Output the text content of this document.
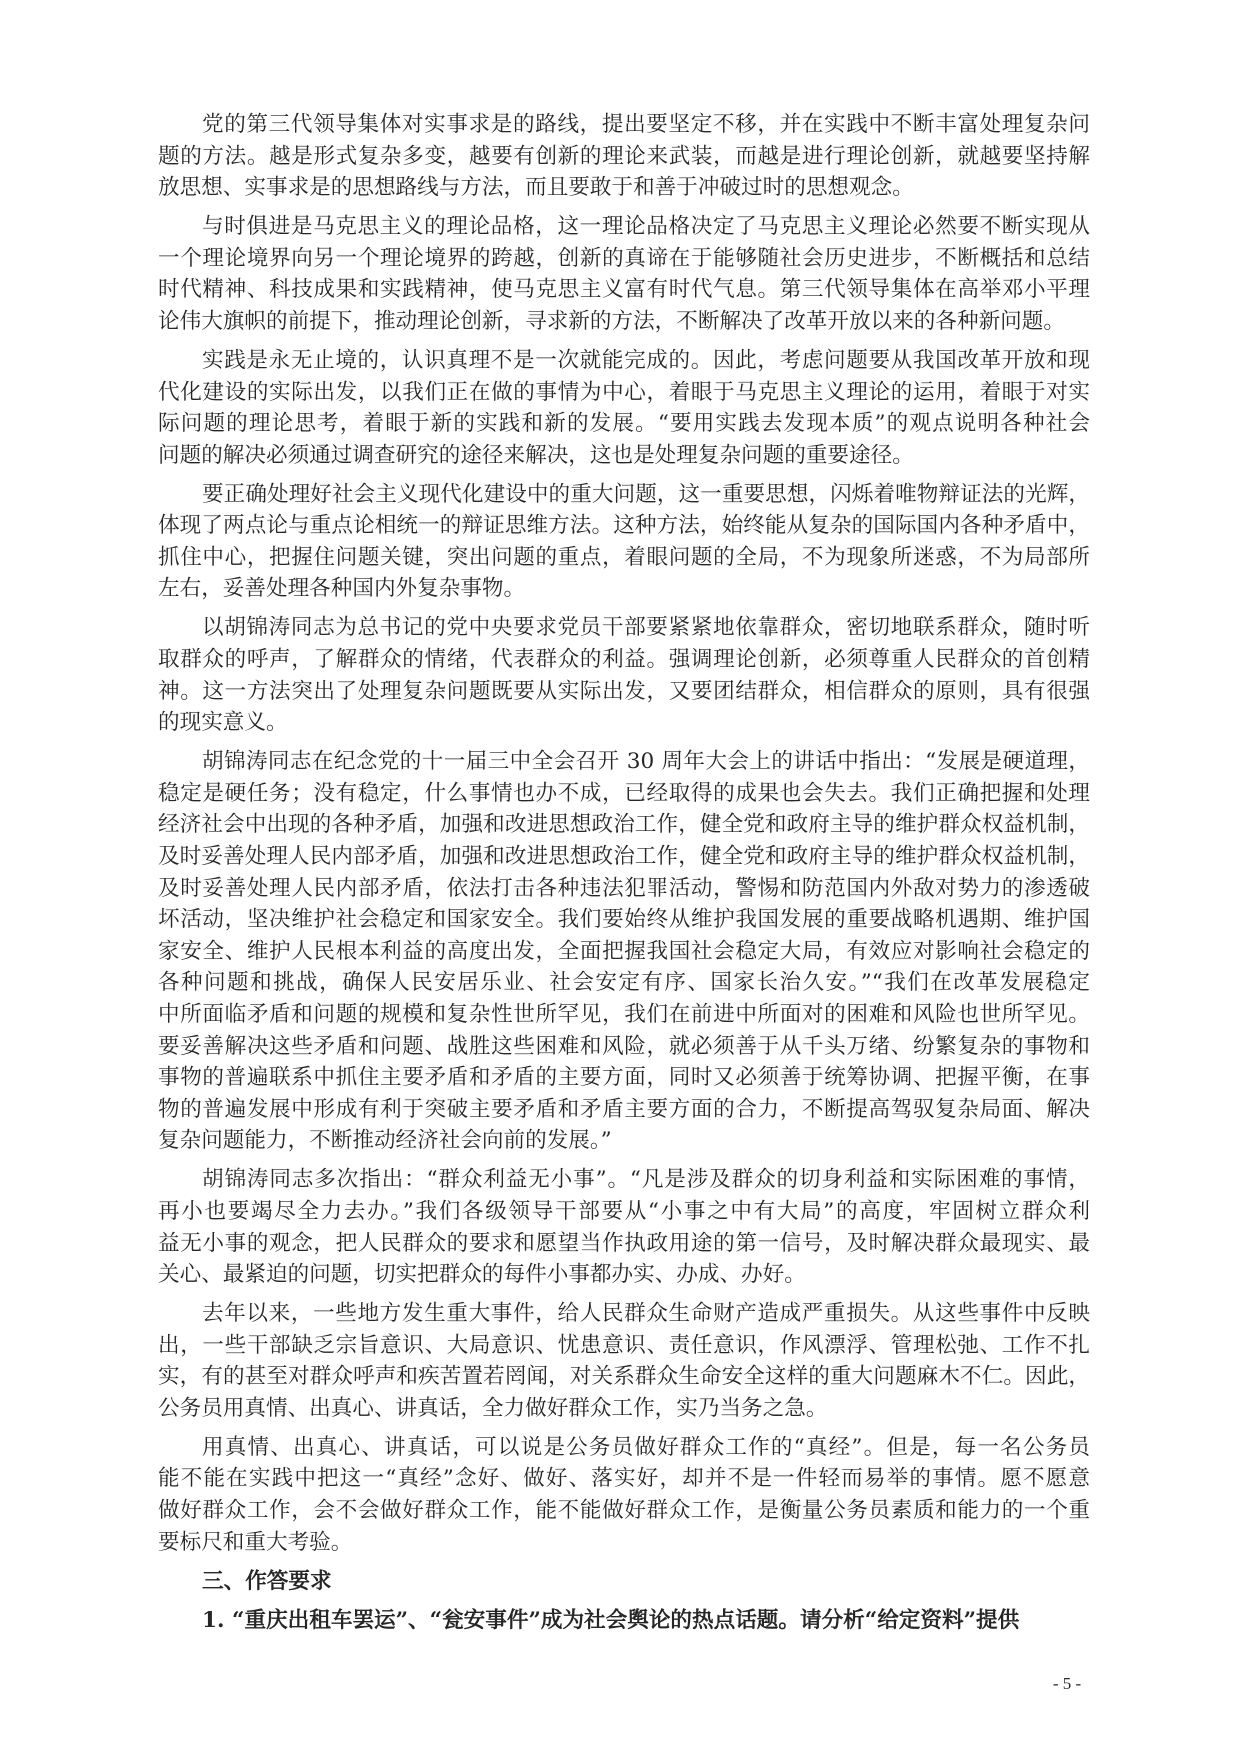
党的第三代领导集体对实事求是的路线，提出要坚定不移，并在实践中不断丰富处理复杂问
题的方法。越是形式复杂多变，越要有创新的理论来武装，而越是进行理论创新，就越要坚持解
放思想、实事求是的思想路线与方法，而且要敢于和善于冲破过时的思想观念。
与时俱进是马克思主义的理论品格，这一理论品格决定了马克思主义理论必然要不断实现从
一个理论境界向另一个理论境界的跨越，创新的真谛在于能够随社会历史进步，不断概括和总结
时代精神、科技成果和实践精神，使马克思主义富有时代气息。第三代领导集体在高举邓小平理
论伟大旗帜的前提下，推动理论创新，寻求新的方法，不断解决了改革开放以来的各种新问题。
实践是永无止境的，认识真理不是一次就能完成的。因此，考虑问题要从我国改革开放和现
代化建设的实际出发，以我们正在做的事情为中心，着眼于马克思主义理论的运用，着眼于对实
际问题的理论思考，着眼于新的实践和新的发展。“要用实践去发现本质”的观点说明各种社会
问题的解决必须通过调查研究的途径来解决，这也是处理复杂问题的重要途径。
要正确处理好社会主义现代化建设中的重大问题，这一重要思想，闪烁着唯物辩证法的光辉，
体现了两点论与重点论相统一的辩证思维方法。这种方法，始终能从复杂的国际国内各种矛盾中，
抓住中心，把握住问题关键，突出问题的重点，着眼问题的全局，不为现象所迷惑，不为局部所
左右，妥善处理各种国内外复杂事物。
以胡锦涛同志为总书记的党中央要求党员干部要紧紧地依靠群众，密切地联系群众，随时听
取群众的呼声，了解群众的情绪，代表群众的利益。强调理论创新，必须尊重人民群众的首创精
神。这一方法突出了处理复杂问题既要从实际出发，又要团结群众，相信群众的原则，具有很强
的现实意义。
胡锦涛同志在纪念党的十一届三中全会召开 30 周年大会上的讲话中指出：“发展是硬道理，
稳定是硬任务；没有稳定，什么事情也办不成，已经取得的成果也会失去。我们正确把握和处理
经济社会中出现的各种矛盾，加强和改进思想政治工作，健全党和政府主导的维护群众权益机制，
及时妥善处理人民内部矛盾，加强和改进思想政治工作，健全党和政府主导的维护群众权益机制，
及时妥善处理人民内部矛盾，依法打击各种违法犯罪活动，警惕和防范国内外敌对势力的渗透破
坏活动，坚决维护社会稳定和国家安全。我们要始终从维护我国发展的重要战略机遇期、维护国
家安全、维护人民根本利益的高度出发，全面把握我国社会稳定大局，有效应对影响社会稳定的
各种问题和挑战，确保人民安居乐业、社会安定有序、国家长治久安。”“我们在改革发展稳定
中所面临矛盾和问题的规模和复杂性世所罕见，我们在前进中所面对的困难和风险也世所罕见。
要妥善解决这些矛盾和问题、战胜这些困难和风险，就必须善于从千头万绪、纷繁复杂的事物和
事物的普遍联系中抓住主要矛盾和矛盾的主要方面，同时又必须善于统筹协调、把握平衡，在事
物的普遍发展中形成有利于突破主要矛盾和矛盾主要方面的合力，不断提高驾驭复杂局面、解决
复杂问题能力，不断推动经济社会向前的发展。”
胡锦涛同志多次指出：“群众利益无小事”。“凡是涉及群众的切身利益和实际困难的事情，
再小也要竭尽全力去办。”我们各级领导干部要从“小事之中有大局”的高度，牢固树立群众利
益无小事的观念，把人民群众的要求和愿望当作执政用途的第一信号，及时解决群众最现实、最
关心、最紧迫的问题，切实把群众的每件小事都办实、办成、办好。
去年以来，一些地方发生重大事件，给人民群众生命财产造成严重损失。从这些事件中反映
出，一些干部缺乏宗旨意识、大局意识、忧患意识、责任意识，作风漂浮、管理松弛、工作不扎
实，有的甚至对群众呼声和疾苦置若罔闻，对关系群众生命安全这样的重大问题麻木不仁。因此，
公务员用真情、出真心、讲真话，全力做好群众工作，实乃当务之急。
用真情、出真心、讲真话，可以说是公务员做好群众工作的“真经”。但是，每一名公务员
能不能在实践中把这一“真经”念好、做好、落实好，却并不是一件轻而易举的事情。愿不愿意
做好群众工作，会不会做好群众工作，能不能做好群众工作，是衡量公务员素质和能力的一个重
要标尺和重大考验。
三、作答要求
1. “重庆出租车罢运”、“瓮安事件”成为社会舆论的热点话题。请分析“给定资料”提供
- 5 -
